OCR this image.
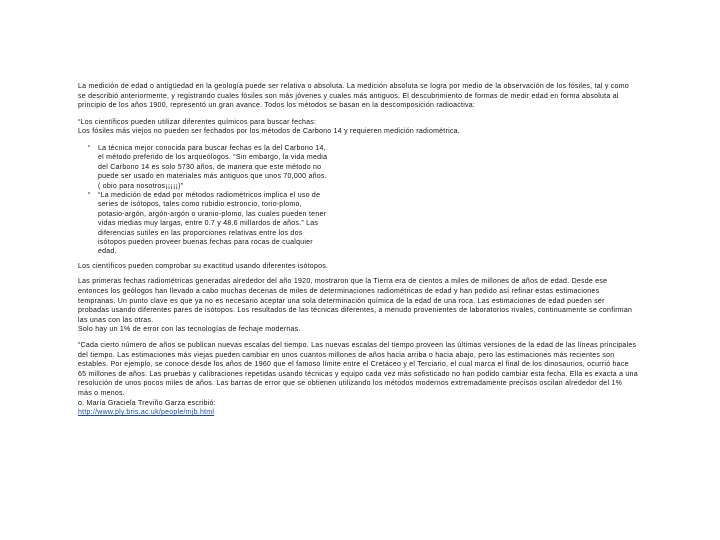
La medición de edad o antigüedad en la geología puede ser relativa o absoluta. La medición absoluta se logra por medio de la observación de los fósiles, tal y como se describió anteriormente, y registrando cuales fósiles son más jóvenes y cuales más antiguos. El descubrimiento de formas de medir edad en forma absoluta al principio de los años 1900, representó un gran avance. Todos los métodos se basan en la descomposición radioactiva:

“Los científicos pueden utilizar diferentes químicos para buscar fechas:

Los fósiles más viejos no pueden ser fechados por los métodos de Carbono 14 y requieren medición radiométrica.

“	La técnica mejor conocida para buscar fechas es la del Carbono 14, el método preferido de los arqueólogos. “Sin embargo, la vida media del Carbono 14 es solo 5730 años, de manera que este método no puede ser usado en materiales más antiguos que unos 70,000 años. ( obio para nosotros¡¡¡¡¡)”

“	“La medición de edad por métodos radiométricos implica el uso de series de isótopos, tales como rubidio estroncio, torio-plomo, potasio-argón, argón-argón o uranio-plomo, las cuales pueden tener vidas medias muy largas, entre 0.7 y 48.6 millardos de años.” Las diferencias sutiles en las proporciones relativas entre los dos isótopos pueden proveer buenas fechas para rocas de cualquier edad.

Los científicos pueden comprobar su exactitud usando diferentes isótopos.

Las primeras fechas radiométricas generadas alrededor del año 1920, mostraron que la Tierra era de cientos a miles de millones de años de edad. Desde ese entonces los geólogos han llevado a cabo muchas decenas de miles de determinaciones radiométricas de edad y han podido así refinar estas estimaciones tempranas. Un punto clave es que ya no es necesario aceptar una sola determinación química de la edad de una roca. Las estimaciones de edad pueden ser probadas usando diferentes pares de isótopos. Los resultados de las técnicas diferentes, a menudo provenientes de laboratorios rivales, continuamente se confirman las unas con las otras.

Solo hay un 1% de error con las tecnologías de fechaje modernas.

“Cada cierto número de años se publican nuevas escalas del tiempo. Las nuevas escalas del tiempo proveen las últimas versiones de la edad de las líneas principales del tiempo. Las estimaciones más viejas pueden cambiar en unos cuantos millones de años hacia arriba o hacia abajo, pero las estimaciones más recientes son estables. Por ejemplo, se conoce desde los años de 1960 que el famoso límite entre el Cretáceo y el Terciario, el cual marca el final de los dinosaurios, ocurrió hace 65 millones de años. Las pruebas y calibraciones repetidas usando técnicas y equipo cada vez más sofisticado no han podido cambiar esta fecha. Ella es exacta a una resolución de unos pocos miles de años. Las barras de error que se obtienen utilizando los métodos modernos extremadamente precisos oscilan alrededor del 1% más o menos.

o. María Graciela Treviño Garza escribió:

http://www.ply.bris.ac.uk/people/mjb.html
